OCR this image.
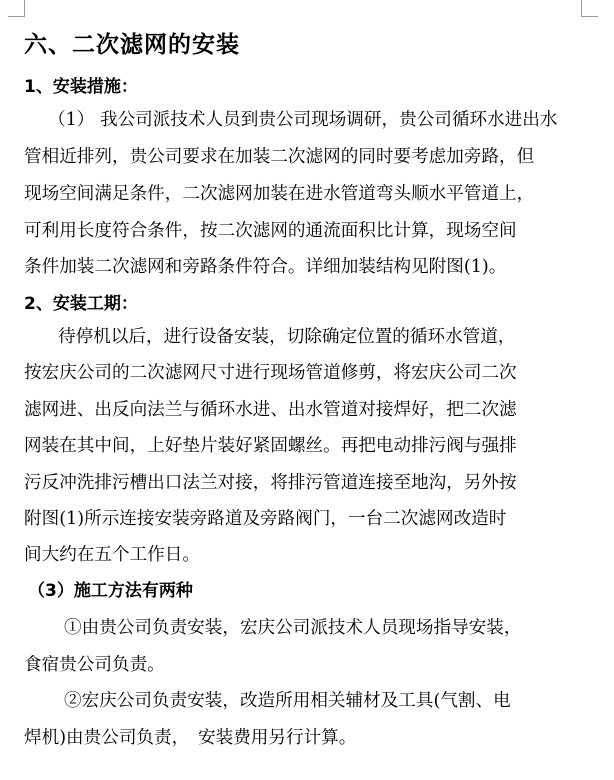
六、二次滤网的安装
1、安装措施：
（1） 我公司派技术人员到贵公司现场调研，贵公司循环水进出水
管相近排列，贵公司要求在加装二次滤网的同时要考虑加旁路，但
现场空间满足条件，二次滤网加装在进水管道弯头顺水平管道上，
可利用长度符合条件，按二次滤网的通流面积比计算，现场空间
条件加装二次滤网和旁路条件符合。详细加装结构见附图(1)。
2、安装工期：
待停机以后，进行设备安装，切除确定位置的循环水管道，
按宏庆公司的二次滤网尺寸进行现场管道修剪，将宏庆公司二次
滤网进、出反向法兰与循环水进、出水管道对接焊好，把二次滤
网装在其中间，上好垫片装好紧固螺丝。再把电动排污阀与强排
污反冲洗排污槽出口法兰对接，将排污管道连接至地沟，另外按
附图(1)所示连接安装旁路道及旁路阀门，一台二次滤网改造时
间大约在五个工作日。
（3）施工方法有两种
①由贵公司负责安装，宏庆公司派技术人员现场指导安装，
食宿贵公司负责。
②宏庆公司负责安装，改造所用相关辅材及工具(气割、电
焊机)由贵公司负责，　安装费用另行计算。
